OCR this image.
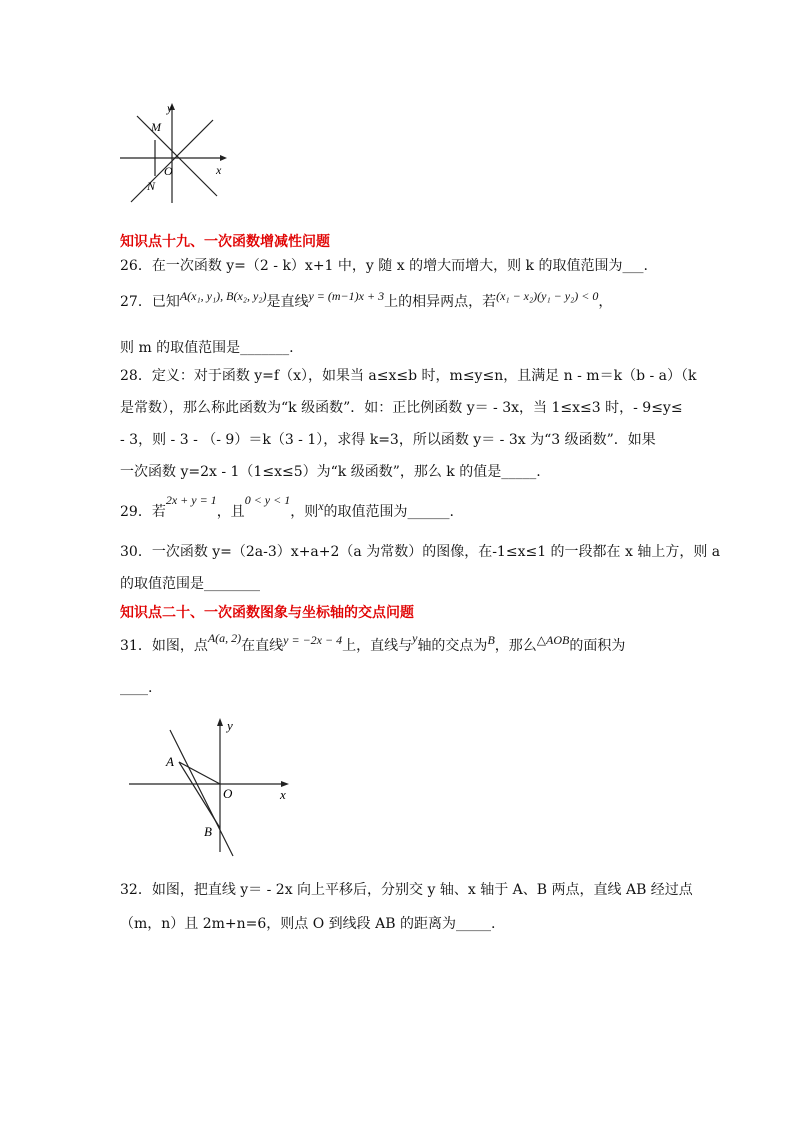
y
x
O
M
N
知识点十九、一次函数增减性问题
26．在一次函数 y=（2 - k）x+1 中，y 随 x 的增大而增大，则 k 的取值范围为___.
27．已知A(x₁, y₁), B(x₂, y₂)是直线y = (m−1)x + 3上的相异两点，若(x₁ − x₂)(y₁ − y₂) < 0，
则 m 的取值范围是_______.
28．定义：对于函数 y=f（x），如果当 a≤x≤b 时，m≤y≤n，且满足 n - m＝k（b - a）（k
是常数），那么称此函数为“k 级函数”．如：正比例函数 y＝ - 3x，当 1≤x≤3 时，- 9≤y≤
- 3，则 - 3 - （- 9）＝k（3 - 1），求得 k=3，所以函数 y＝ - 3x 为“3 级函数”．如果
一次函数 y=2x - 1（1≤x≤5）为“k 级函数”，那么 k 的值是_____.
29．若2x + y = 1，且0 < y < 1，则x的取值范围为______.
30．一次函数 y=（2a-3）x+a+2（a 为常数）的图像，在-1≤x≤1 的一段都在 x 轴上方，则 a
的取值范围是________
知识点二十、一次函数图象与坐标轴的交点问题
31．如图，点A(a, 2)在直线y = −2x − 4上，直线与y轴的交点为B，那么△AOB的面积为
____.
y
x
O
A
B
32．如图，把直线 y＝ - 2x 向上平移后，分别交 y 轴、x 轴于 A、B 两点，直线 AB 经过点
（m，n）且 2m+n=6，则点 O 到线段 AB 的距离为_____.
